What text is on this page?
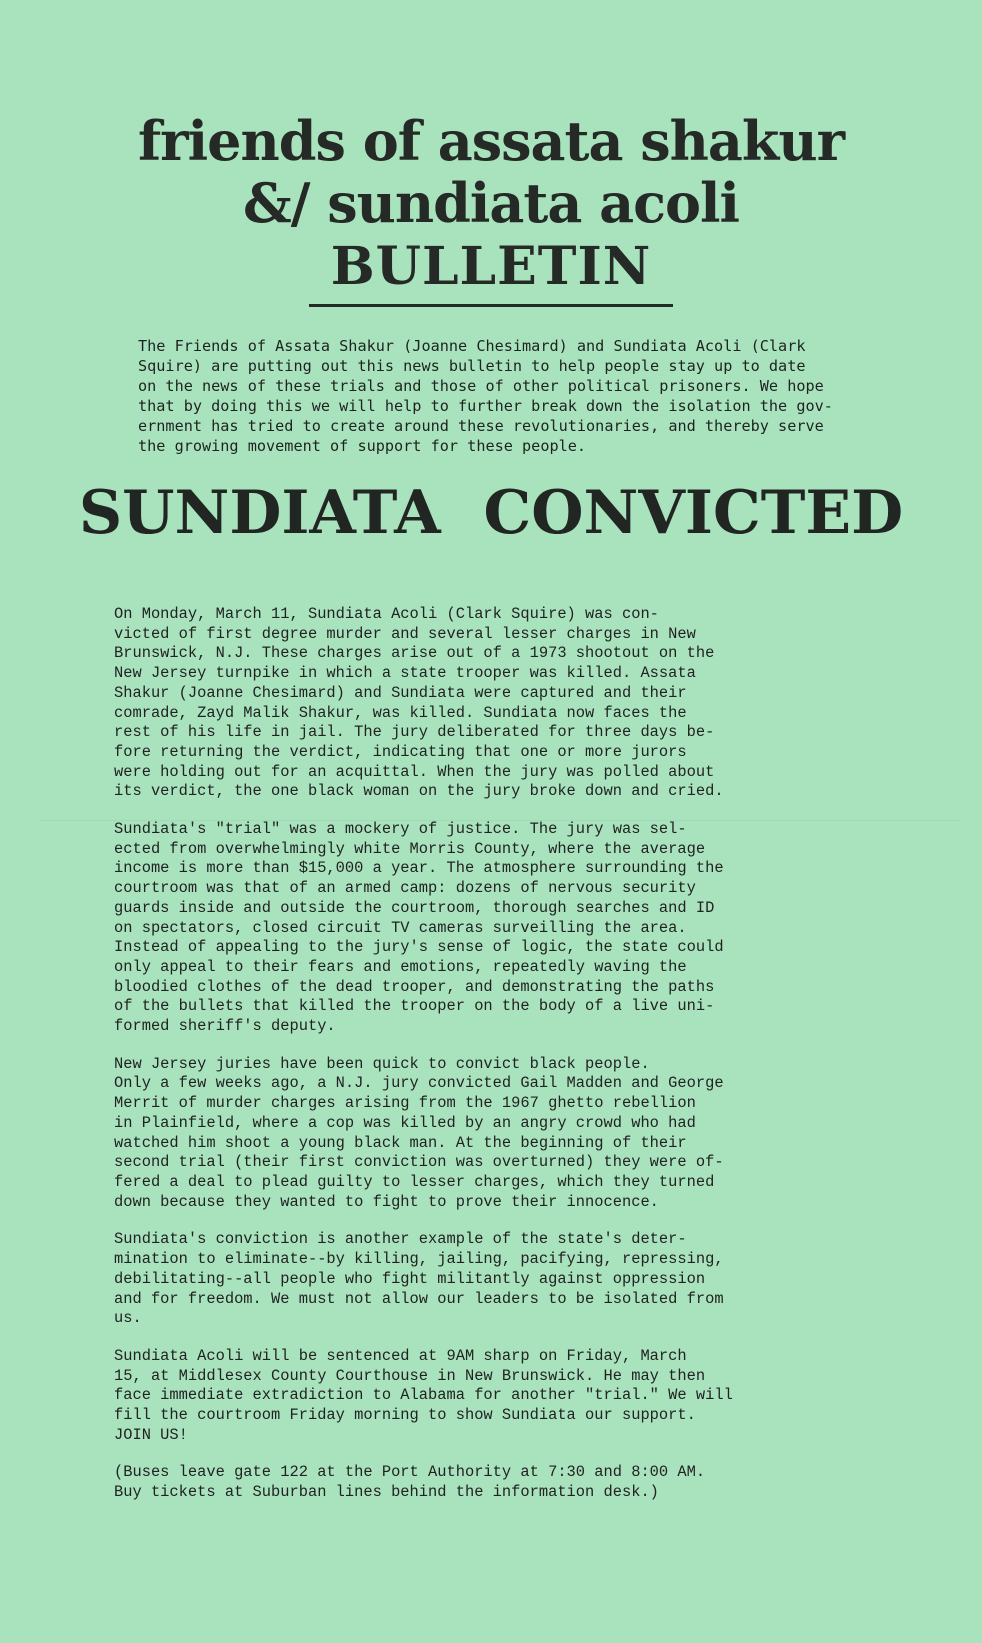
friends of assata shakur
&/ sundiata acoli
BULLETIN

The Friends of Assata Shakur (Joanne Chesimard) and Sundiata Acoli (Clark
Squire) are putting out this news bulletin to help people stay up to date
on the news of these trials and those of other political prisoners. We hope
that by doing this we will help to further break down the isolation the gov-
ernment has tried to create around these revolutionaries, and thereby serve
the growing movement of support for these people.

SUNDIATA CONVICTED

On Monday, March 11, Sundiata Acoli (Clark Squire) was con-
victed of first degree murder and several lesser charges in New
Brunswick, N.J. These charges arise out of a 1973 shootout on the
New Jersey turnpike in which a state trooper was killed. Assata
Shakur (Joanne Chesimard) and Sundiata were captured and their
comrade, Zayd Malik Shakur, was killed. Sundiata now faces the
rest of his life in jail. The jury deliberated for three days be-
fore returning the verdict, indicating that one or more jurors
were holding out for an acquittal. When the jury was polled about
its verdict, the one black woman on the jury broke down and cried.

Sundiata's "trial" was a mockery of justice. The jury was sel-
ected from overwhelmingly white Morris County, where the average
income is more than $15,000 a year. The atmosphere surrounding the
courtroom was that of an armed camp: dozens of nervous security
guards inside and outside the courtroom, thorough searches and ID
on spectators, closed circuit TV cameras surveilling the area.
Instead of appealing to the jury's sense of logic, the state could
only appeal to their fears and emotions, repeatedly waving the
bloodied clothes of the dead trooper, and demonstrating the paths
of the bullets that killed the trooper on the body of a live uni-
formed sheriff's deputy.

New Jersey juries have been quick to convict black people.
Only a few weeks ago, a N.J. jury convicted Gail Madden and George
Merrit of murder charges arising from the 1967 ghetto rebellion
in Plainfield, where a cop was killed by an angry crowd who had
watched him shoot a young black man. At the beginning of their
second trial (their first conviction was overturned) they were of-
fered a deal to plead guilty to lesser charges, which they turned
down because they wanted to fight to prove their innocence.

Sundiata's conviction is another example of the state's deter-
mination to eliminate--by killing, jailing, pacifying, repressing,
debilitating--all people who fight militantly against oppression
and for freedom. We must not allow our leaders to be isolated from
us.

Sundiata Acoli will be sentenced at 9AM sharp on Friday, March
15, at Middlesex County Courthouse in New Brunswick. He may then
face immediate extradiction to Alabama for another "trial." We will
fill the courtroom Friday morning to show Sundiata our support.
JOIN US!

(Buses leave gate 122 at the Port Authority at 7:30 and 8:00 AM.
Buy tickets at Suburban lines behind the information desk.)
